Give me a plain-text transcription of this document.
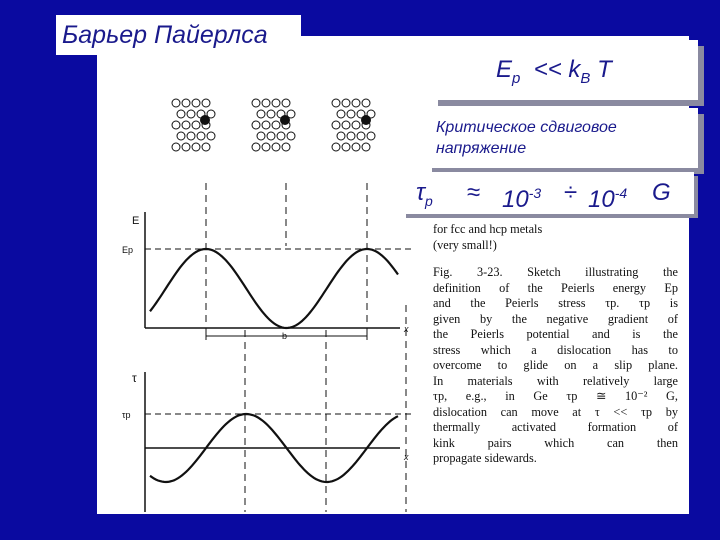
E
Ep
b
x
τ
τp
x
Барьер Пайерлса
$E_p << k_B$ T
Критическое сдвиговое
напряжение
$\tau_p \approx 10^{-3} \div 10^{-4}$ G
for fcc and hcp metals
(very small!)
Fig. 3-23. Sketch illustrating the
definition of the Peierls energy Ep
and the Peierls stress τp. τp is
given by the negative gradient of
the Peierls potential and is the
stress which a dislocation has to
overcome to glide on a slip plane.
In materials with relatively large
τp, e.g., in Ge τp ≅ 10⁻² G,
dislocation can move at τ << τp by
thermally activated formation of
kink pairs which can then
propagate sidewards.
